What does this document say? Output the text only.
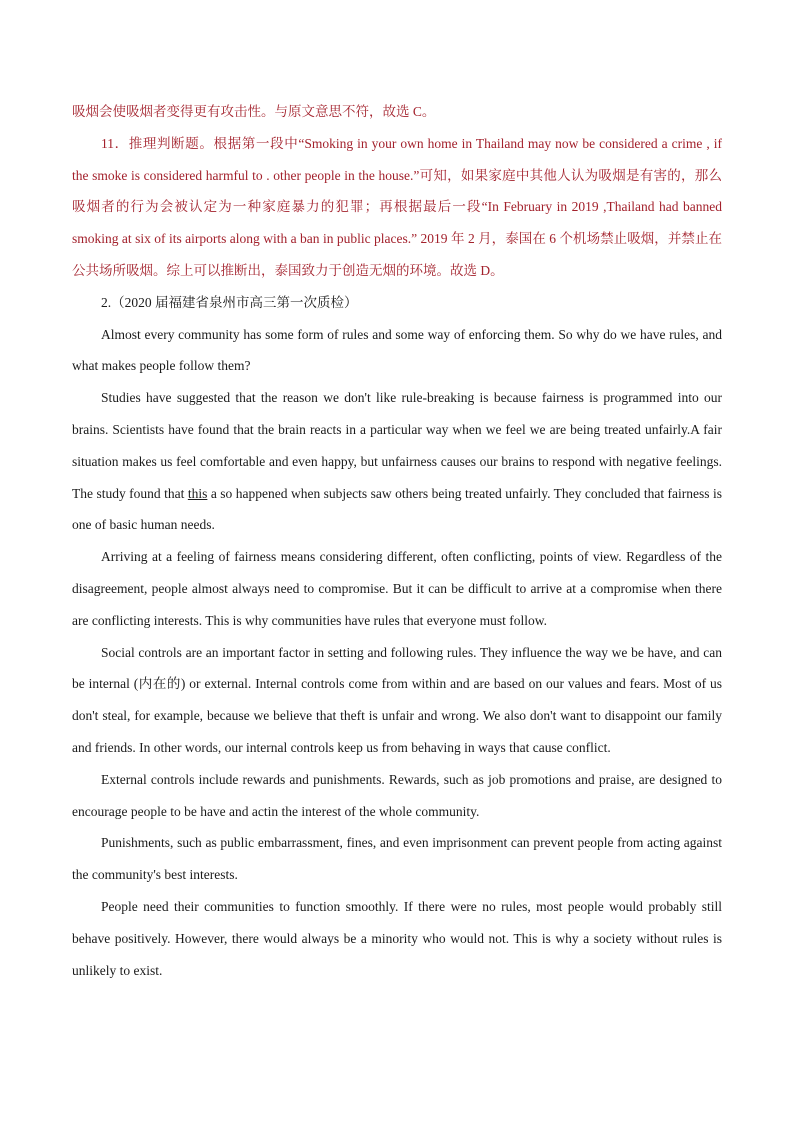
吸烟会使吸烟者变得更有攻击性。与原文意思不符，故选 C。

11．推理判断题。根据第一段中“Smoking in your own home in Thailand may now be considered a crime , if the smoke is considered harmful to . other people in the house.”可知，如果家庭中其他人认为吸烟是有害的，那么吸烟者的行为会被认定为一种家庭暴力的犯罪；再根据最后一段“In February in 2019 ,Thailand had banned smoking at six of its airports along with a ban in public places.” 2019 年 2 月，泰国在 6 个机场禁止吸烟，并禁止在公共场所吸烟。综上可以推断出，泰国致力于创造无烟的环境。故选 D。

2.（2020 届福建省泉州市高三第一次质检）

Almost every community has some form of rules and some way of enforcing them. So why do we have rules, and what makes people follow them?

Studies have suggested that the reason we don't like rule-breaking is because fairness is programmed into our brains. Scientists have found that the brain reacts in a particular way when we feel we are being treated unfairly.A fair situation makes us feel comfortable and even happy, but unfairness causes our brains to respond with negative feelings. The study found that this a so happened when subjects saw others being treated unfairly. They concluded that fairness is one of basic human needs.

Arriving at a feeling of fairness means considering different, often conflicting, points of view. Regardless of the disagreement, people almost always need to compromise. But it can be difficult to arrive at a compromise when there are conflicting interests. This is why communities have rules that everyone must follow.

Social controls are an important factor in setting and following rules. They influence the way we be have, and can be internal (内在的) or external. Internal controls come from within and are based on our values and fears. Most of us don't steal, for example, because we believe that theft is unfair and wrong. We also don't want to disappoint our family and friends. In other words, our internal controls keep us from behaving in ways that cause conflict.

External controls include rewards and punishments. Rewards, such as job promotions and praise, are designed to encourage people to be have and actin the interest of the whole community.

Punishments, such as public embarrassment, fines, and even imprisonment can prevent people from acting against the community's best interests.

People need their communities to function smoothly. If there were no rules, most people would probably still behave positively. However, there would always be a minority who would not. This is why a society without rules is unlikely to exist.
